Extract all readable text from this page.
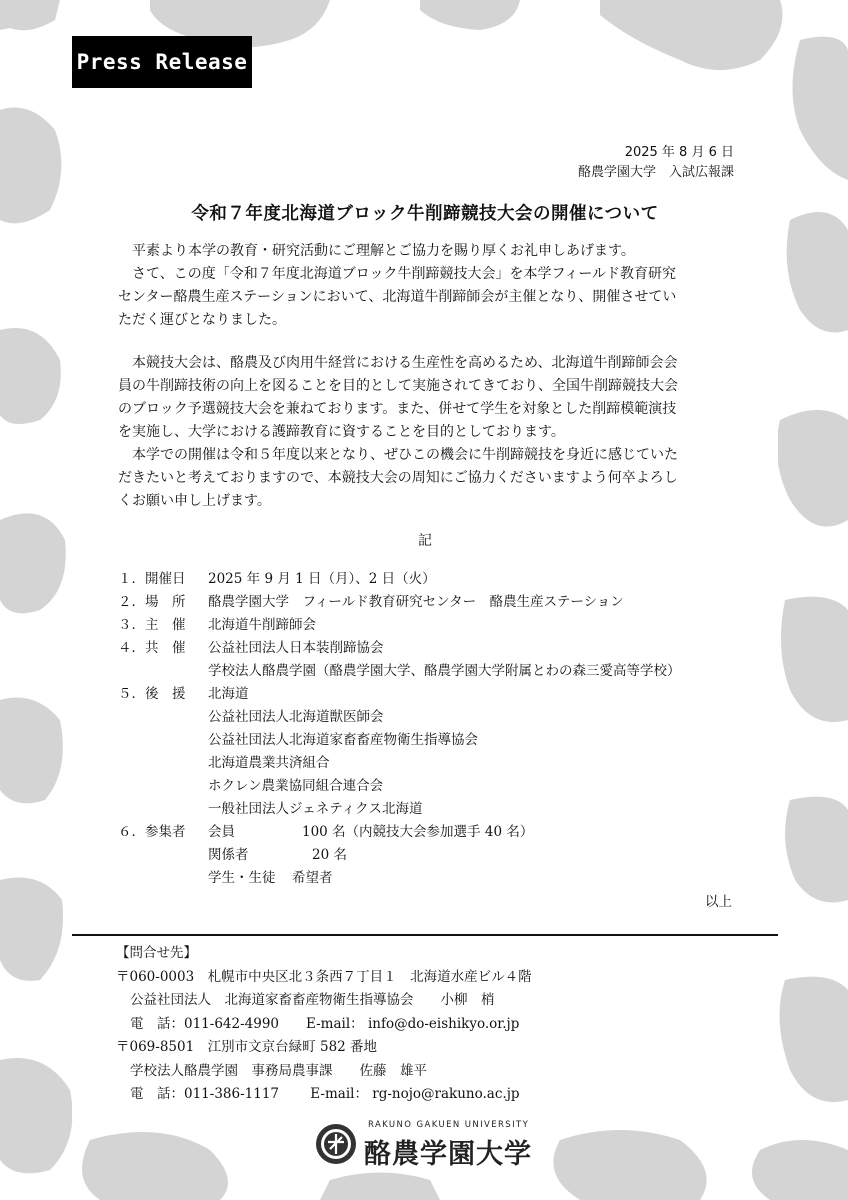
Press Release
2025 年 8 月 6 日
酪農学園大学　入試広報課
令和７年度北海道ブロック牛削蹄競技大会の開催について
　平素より本学の教育・研究活動にご理解とご協力を賜り厚くお礼申しあげます。
　さて、この度「令和７年度北海道ブロック牛削蹄競技大会」を本学フィールド教育研究
センター酪農生産ステーションにおいて、北海道牛削蹄師会が主催となり、開催させてい
ただく運びとなりました。
　本競技大会は、酪農及び肉用牛経営における生産性を高めるため、北海道牛削蹄師会会
員の牛削蹄技術の向上を図ることを目的として実施されてきており、全国牛削蹄競技大会
のブロック予選競技大会を兼ねております。また、併せて学生を対象とした削蹄模範演技
を実施し、大学における護蹄教育に資することを目的としております。
　本学での開催は令和５年度以来となり、ぜひこの機会に牛削蹄競技を身近に感じていた
だきたいと考えておりますので、本競技大会の周知にご協力くださいますよう何卒よろし
くお願い申し上げます。
記
１．開催日	2025 年 9 月 1 日（月）、2 日（火）
２．場　所	酪農学園大学　フィールド教育研究センター　酪農生産ステーション
３．主　催	北海道牛削蹄師会
４．共　催	公益社団法人日本装削蹄協会
学校法人酪農学園（酪農学園大学、酪農学園大学附属とわの森三愛高等学校）
５．後　援	北海道
公益社団法人北海道獣医師会
公益社団法人北海道家畜畜産物衛生指導協会
北海道農業共済組合
ホクレン農業協同組合連合会
一般社団法人ジェネティクス北海道
６．参集者	会員	100 名（内競技大会参加選手 40 名）
関係者	20 名
学生・生徒	希望者
以上
【問合せ先】
〒060-0003　札幌市中央区北３条西７丁目１　北海道水産ビル４階
公益社団法人　北海道家畜畜産物衛生指導協会　　小柳　梢
電　話：011-642-4990　　E-mail： info@do-eishikyo.or.jp
〒069-8501　江別市文京台緑町 582 番地
学校法人酪農学園　事務局農事課　　佐藤　雄平
電　話：011-386-1117　　 E-mail： rg-nojo@rakuno.ac.jp
RAKUNO GAKUEN UNIVERSITY
酪農学園大学
